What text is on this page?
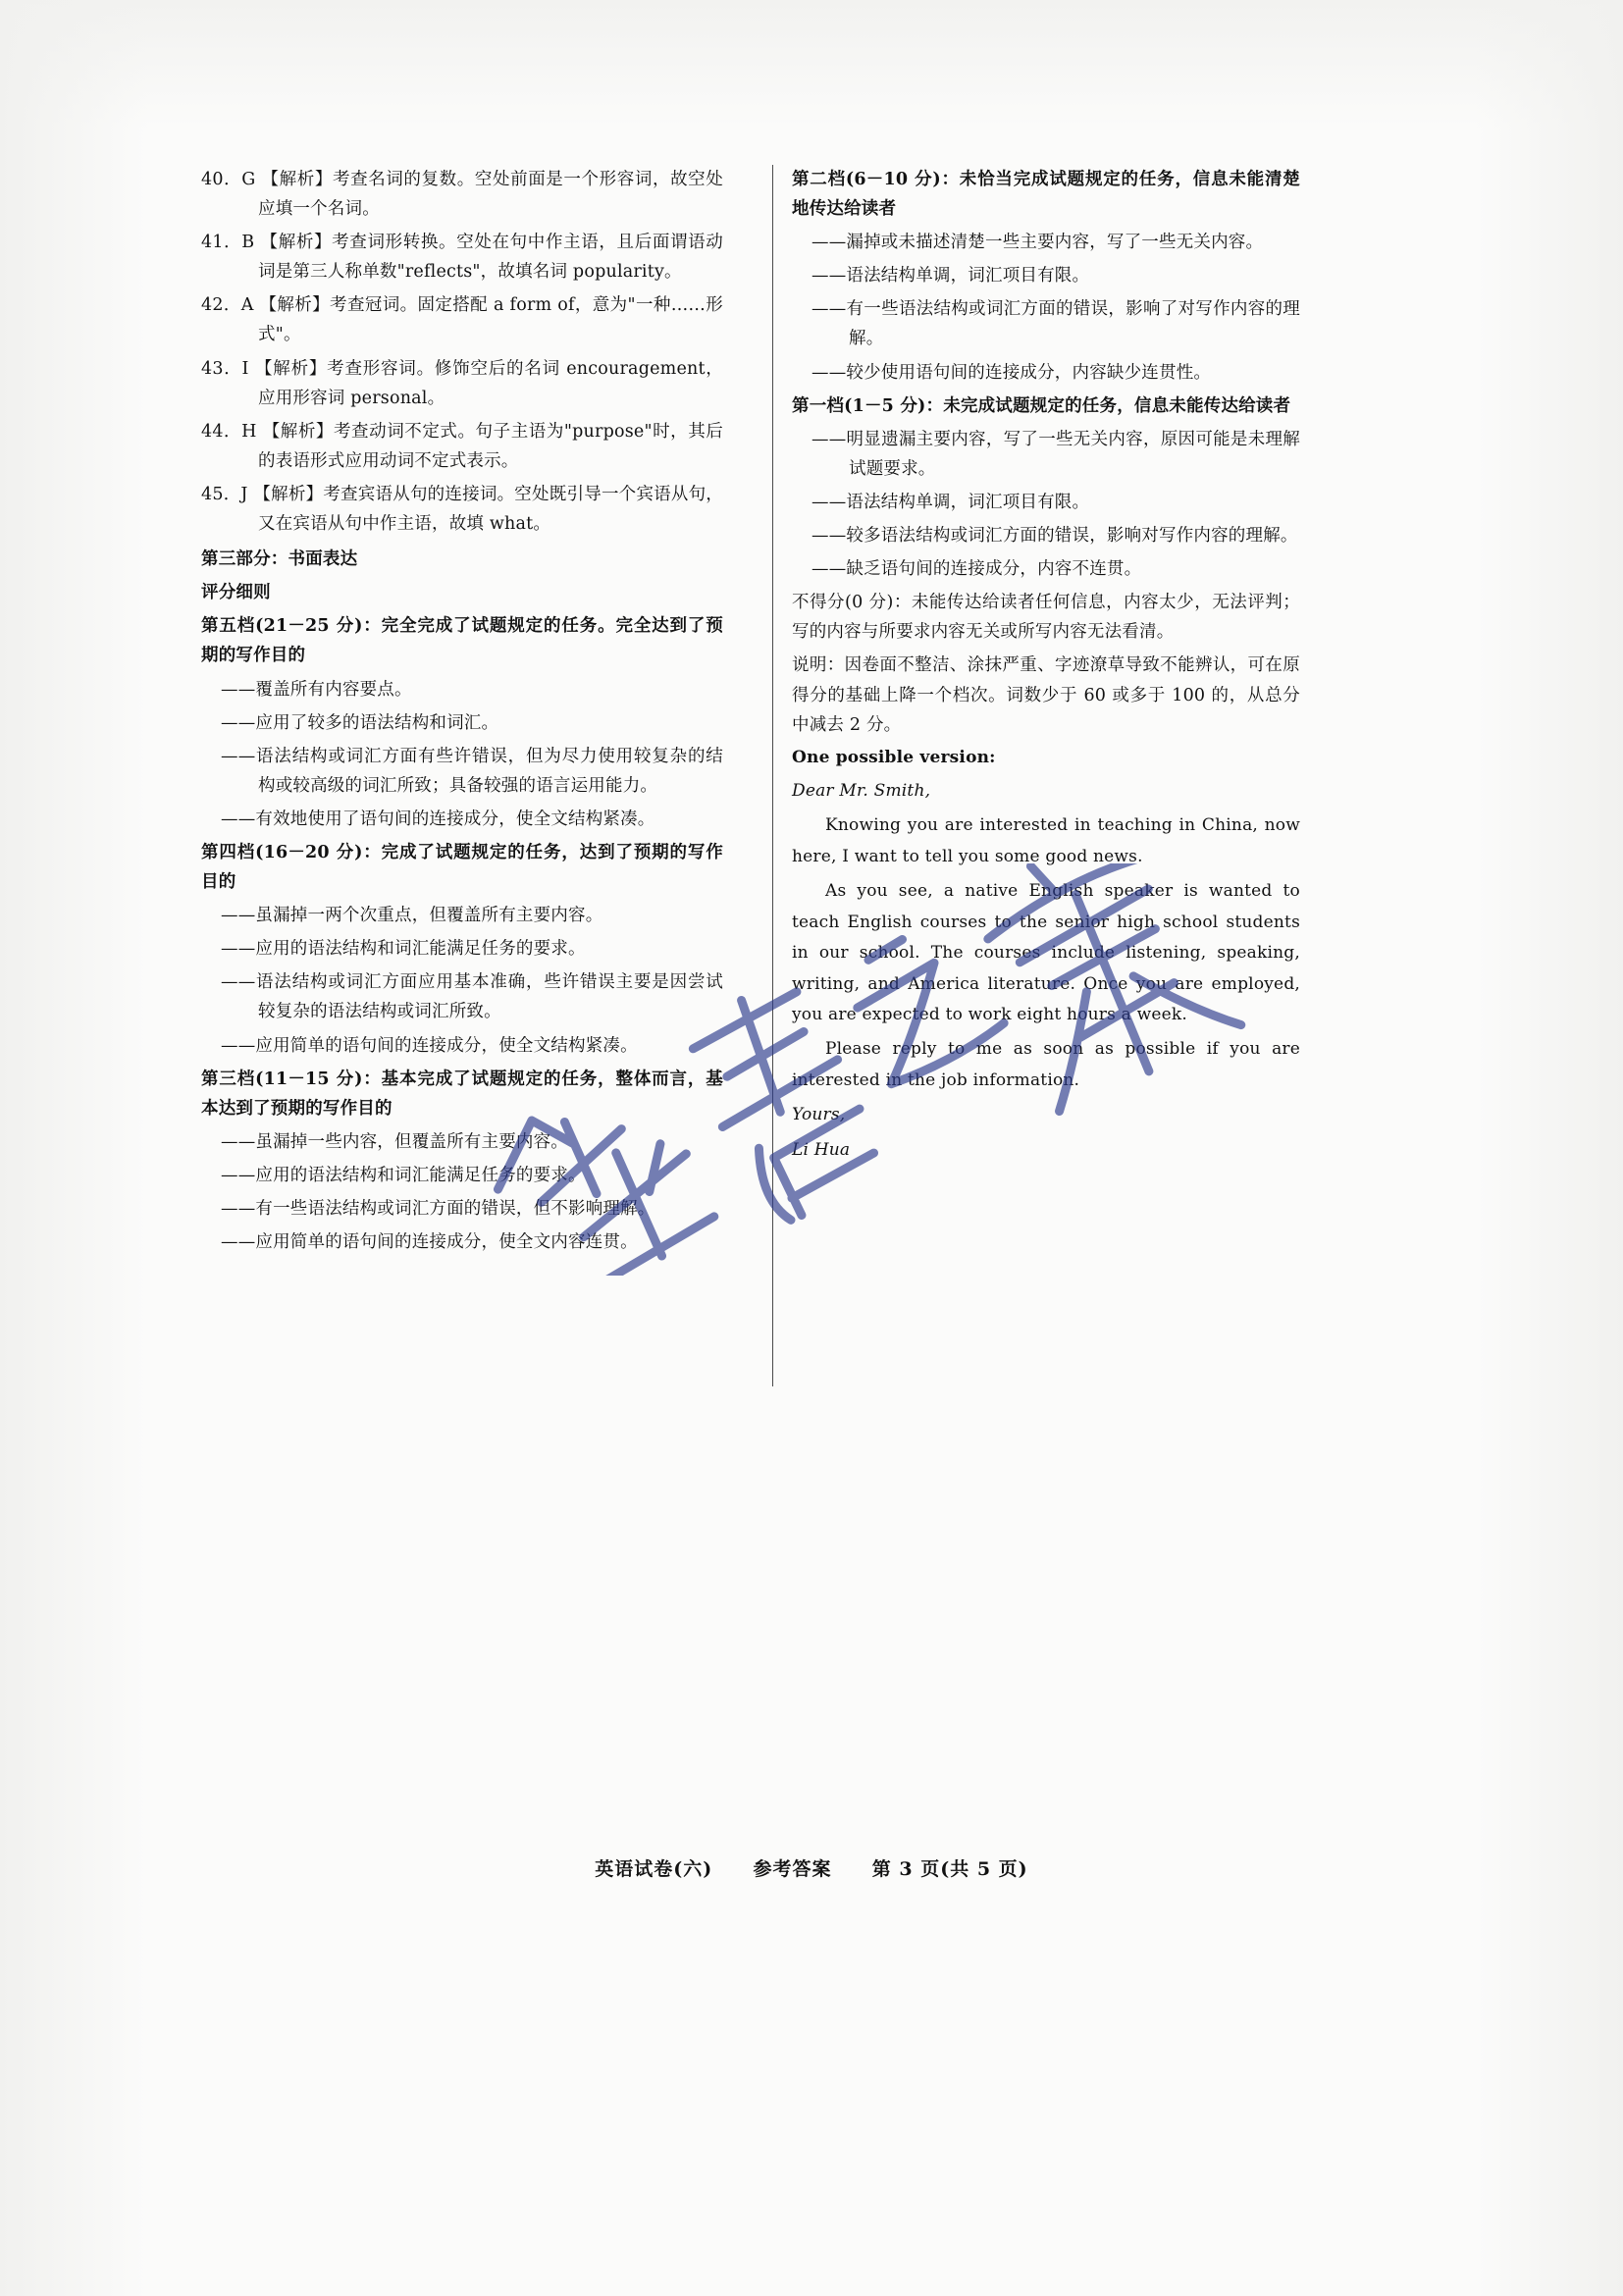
40．G 【解析】考查名词的复数。空处前面是一个形容词，故空处应填一个名词。

41．B 【解析】考查词形转换。空处在句中作主语，且后面谓语动词是第三人称单数"reflects"，故填名词 popularity。

42．A 【解析】考查冠词。固定搭配 a form of，意为"一种……形式"。

43．I 【解析】考查形容词。修饰空后的名词 encouragement，应用形容词 personal。

44．H 【解析】考查动词不定式。句子主语为"purpose"时，其后的表语形式应用动词不定式表示。

45．J 【解析】考查宾语从句的连接词。空处既引导一个宾语从句，又在宾语从句中作主语，故填 what。

第三部分：书面表达

评分细则

第五档(21－25 分)：完全完成了试题规定的任务。完全达到了预期的写作目的

——覆盖所有内容要点。

——应用了较多的语法结构和词汇。

——语法结构或词汇方面有些许错误，但为尽力使用较复杂的结构或较高级的词汇所致；具备较强的语言运用能力。

——有效地使用了语句间的连接成分，使全文结构紧凑。

第四档(16－20 分)：完成了试题规定的任务，达到了预期的写作目的

——虽漏掉一两个次重点，但覆盖所有主要内容。

——应用的语法结构和词汇能满足任务的要求。

——语法结构或词汇方面应用基本准确，些许错误主要是因尝试较复杂的语法结构或词汇所致。

——应用简单的语句间的连接成分，使全文结构紧凑。

第三档(11－15 分)：基本完成了试题规定的任务，整体而言，基本达到了预期的写作目的

——虽漏掉一些内容，但覆盖所有主要内容。

——应用的语法结构和词汇能满足任务的要求。

——有一些语法结构或词汇方面的错误，但不影响理解。

——应用简单的语句间的连接成分，使全文内容连贯。

第二档(6－10 分)：未恰当完成试题规定的任务，信息未能清楚地传达给读者

——漏掉或未描述清楚一些主要内容，写了一些无关内容。

——语法结构单调，词汇项目有限。

——有一些语法结构或词汇方面的错误，影响了对写作内容的理解。

——较少使用语句间的连接成分，内容缺少连贯性。

第一档(1－5 分)：未完成试题规定的任务，信息未能传达给读者

——明显遗漏主要内容，写了一些无关内容，原因可能是未理解试题要求。

——语法结构单调，词汇项目有限。

——较多语法结构或词汇方面的错误，影响对写作内容的理解。

——缺乏语句间的连接成分，内容不连贯。

不得分(0 分)：未能传达给读者任何信息，内容太少，无法评判；写的内容与所要求内容无关或所写内容无法看清。

说明：因卷面不整洁、涂抹严重、字迹潦草导致不能辨认，可在原得分的基础上降一个档次。词数少于 60 或多于 100 的，从总分中减去 2 分。

One possible version:

Dear Mr. Smith,

Knowing you are interested in teaching in China, now here, I want to tell you some good news.

As you see, a native English speaker is wanted to teach English courses to the senior high school students in our school. The courses include listening, speaking, writing, and America literature. Once you are employed, you are expected to work eight hours a week.

Please reply to me as soon as possible if you are interested in the job information.

Yours,

Li Hua

英语试卷(六) 参考答案 第 3 页(共 5 页)
